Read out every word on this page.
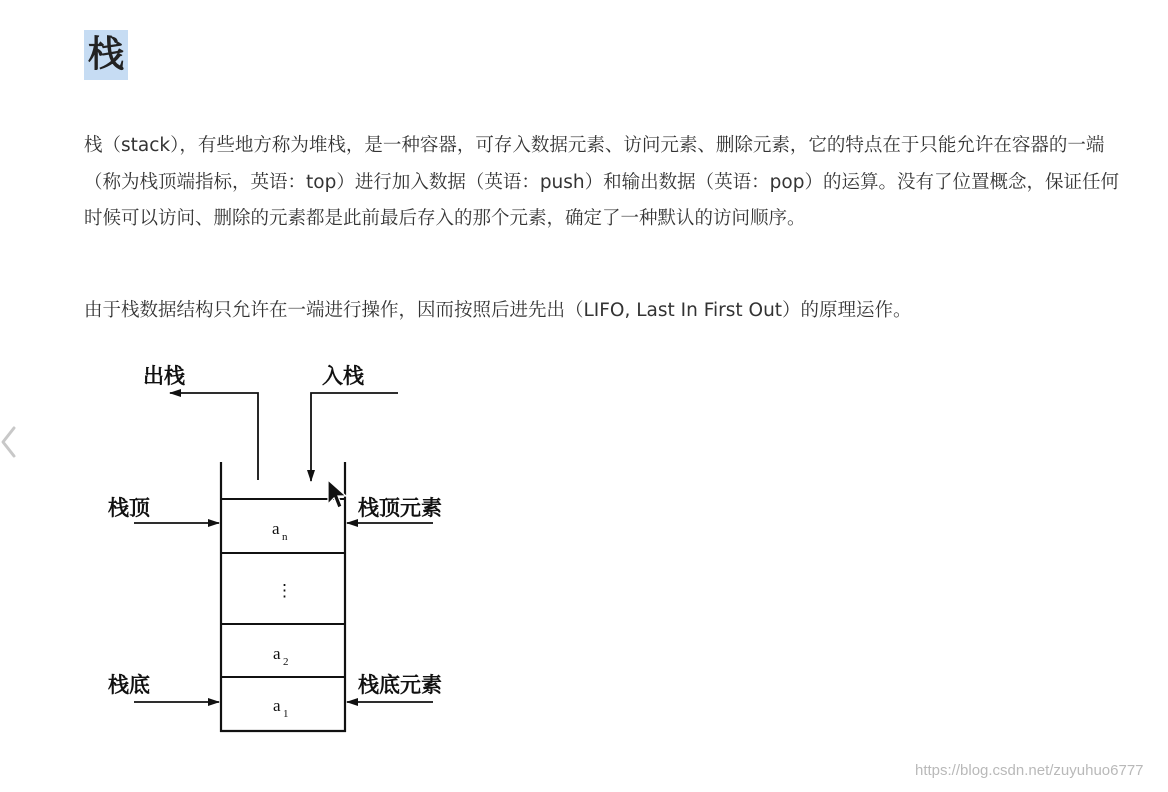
栈

栈（stack），有些地方称为堆栈，是一种容器，可存入数据元素、访问元素、删除元素，它的特点在于只能允许在容器的一端（称为栈顶端指标，英语：top）进行加入数据（英语：push）和输出数据（英语：pop）的运算。没有了位置概念，保证任何时候可以访问、删除的元素都是此前最后存入的那个元素，确定了一种默认的访问顺序。

由于栈数据结构只允许在一端进行操作，因而按照后进先出（LIFO, Last In First Out）的原理运作。

a n
⋮
a 2
a 1
出栈	入栈
栈顶	栈顶元素
栈底	栈底元素
https://blog.csdn.net/zuyuhuo6777
